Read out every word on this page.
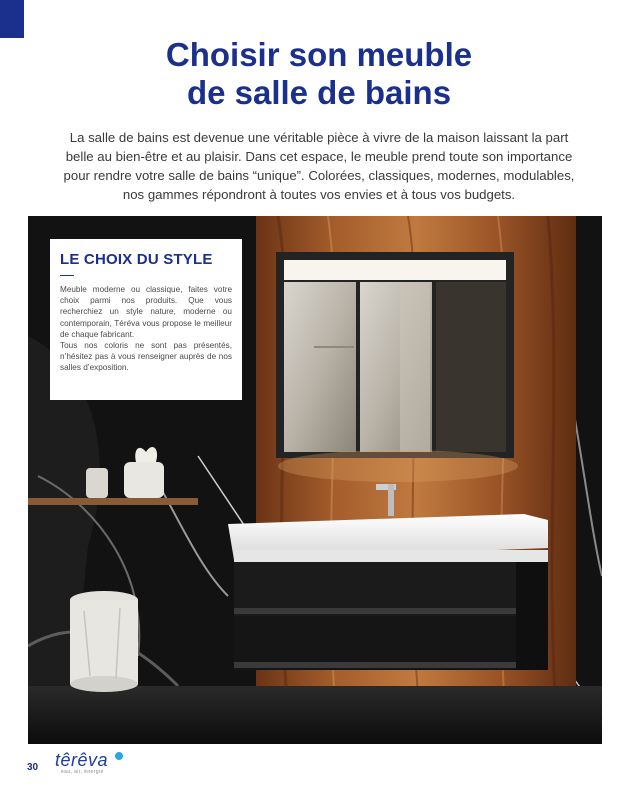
Choisir son meuble
de salle de bains
La salle de bains est devenue une véritable pièce à vivre de la maison laissant la part
belle au bien-être et au plaisir. Dans cet espace, le meuble prend toute son importance
pour rendre votre salle de bains “unique”. Colorées, classiques, modernes, modulables,
nos gammes répondront à toutes vos envies et à tous vos budgets.
LE CHOIX DU STYLE
Meuble moderne ou classique, faites votre choix parmi nos produits. Que vous recherchiez un style nature, moderne ou contemporain, Téréva vous propose le meilleur de chaque fabricant.
Tous nos coloris ne sont pas présentés, n’hésitez pas à vous renseigner auprès de nos salles d’exposition.
30 têrêva
eau, air, énergie
